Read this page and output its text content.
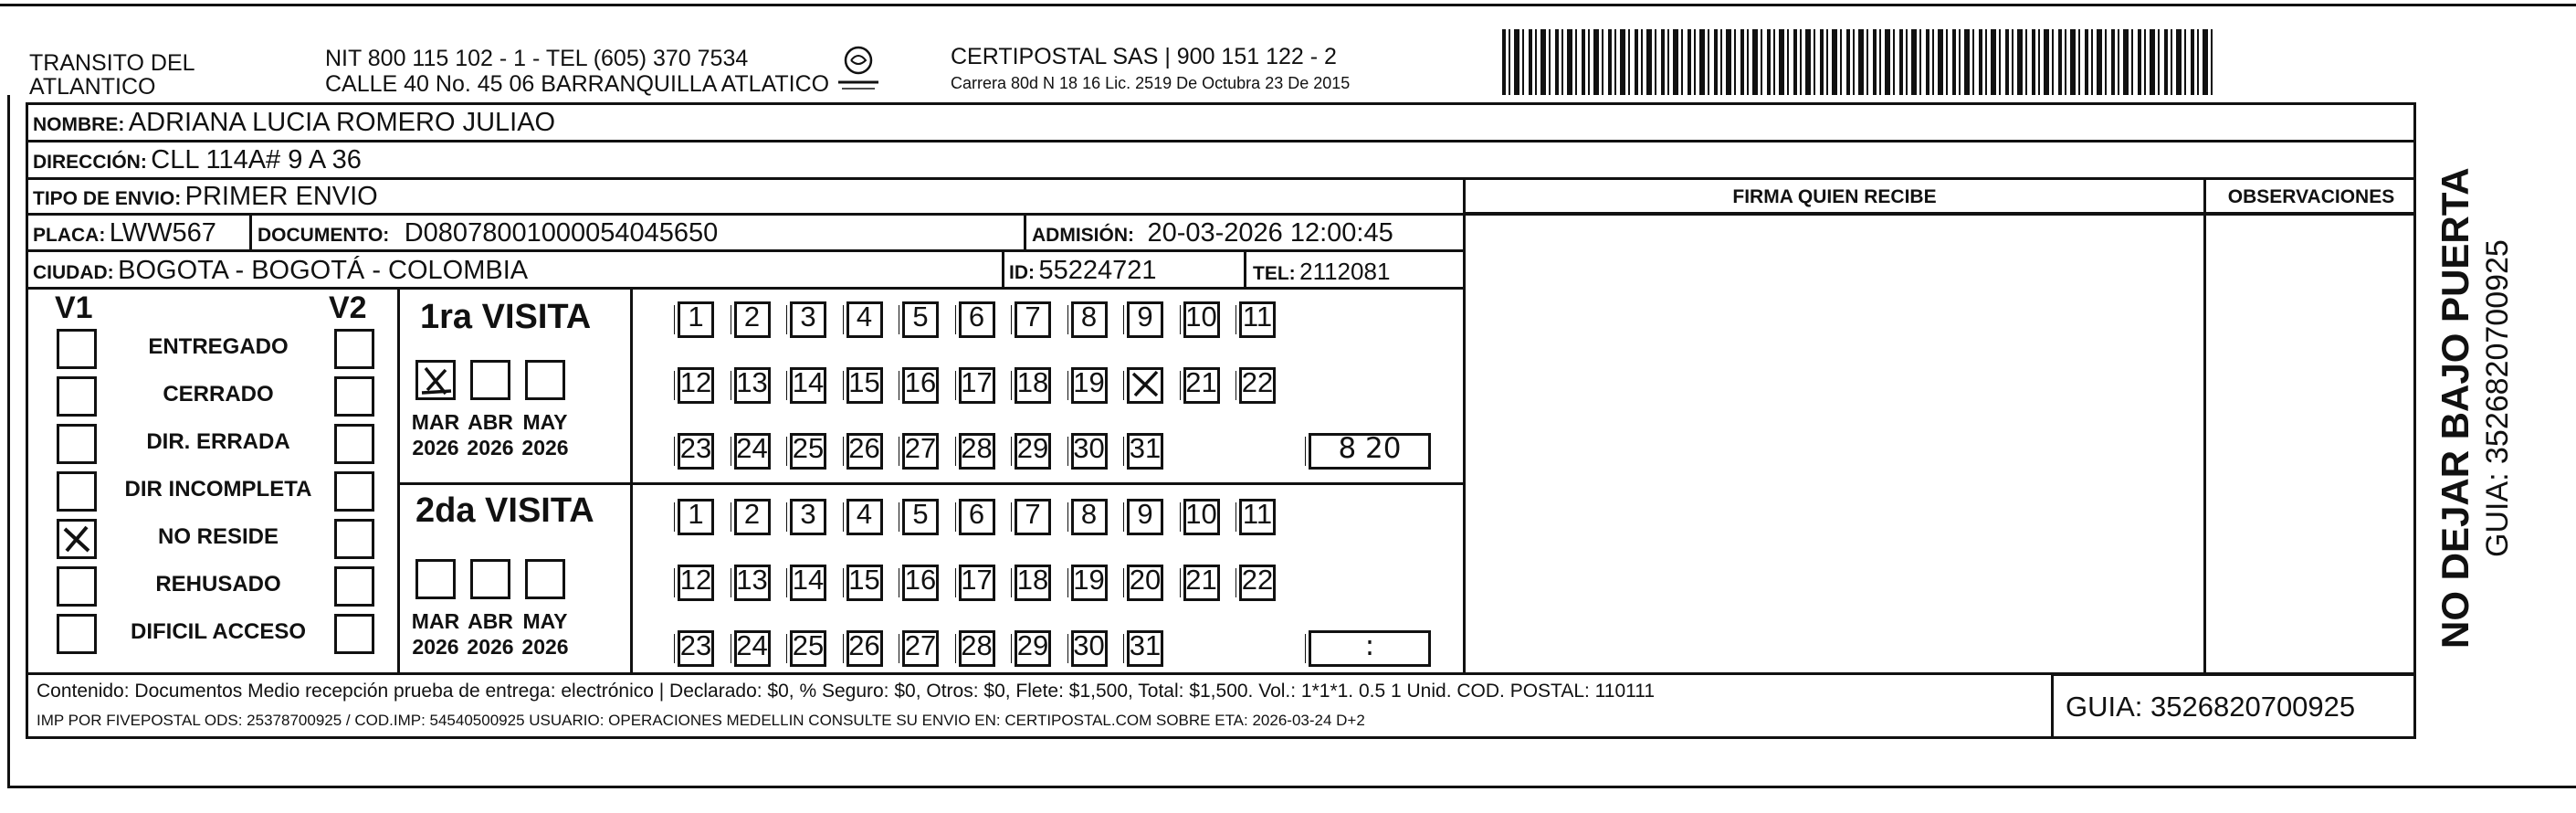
TRANSITO DEL
ATLANTICO
NIT 800 115 102 - 1 - TEL (605) 370 7534
CALLE 40 No. 45 06 BARRANQUILLA ATLATICO
CERTIPOSTAL SAS | 900 151 122 - 2
Carrera 80d N 18 16 Lic. 2519 De Octubra 23 De 2015
NOMBRE: ADRIANA LUCIA ROMERO JULIAO
DIRECCIÓN: CLL 114A# 9 A 36
TIPO DE ENVIO: PRIMER ENVIO	FIRMA QUIEN RECIBE	OBSERVACIONES
PLACA: LWW567 DOCUMENTO: D08078001000054045650	ADMISIÓN: 20-03-2026 12:00:45
CIUDAD: BOGOTA - BOGOTÁ - COLOMBIA	ID: 55224721	TEL: 2112081
V1	V2
ENTREGADO
CERRADO
DIR. ERRADA
DIR INCOMPLETA
NO RESIDE
REHUSADO
DIFICIL ACCESO
1ra VISITA
2da VISITA
MAR
2026
ABR
2026
MAY
2026
MAR
2026
ABR
2026
MAY
2026
1	2	3	4	5	6	7	8	9	10 11
12 13 14 15 16 17 18 19	21 22
23 24 25 26 27 28 29 30 31	8 20
1	2	3	4	5	6	7	8	9	10 11
12 13 14 15 16 17 18 19 20 21 22
23 24 25 26 27 28 29 30 31	:
Contenido: Documentos Medio recepción prueba de entrega: electrónico | Declarado: $0, % Seguro: $0, Otros: $0, Flete: $1,500, Total: $1,500. Vol.: 1*1*1. 0.5 1 Unid. COD. POSTAL: 110111
IMP POR FIVEPOSTAL ODS: 25378700925 / COD.IMP: 54540500925 USUARIO: OPERACIONES MEDELLIN CONSULTE SU ENVIO EN: CERTIPOSTAL.COM SOBRE ETA: 2026-03-24 D+2	GUIA: 3526820700925
NO DEJAR BAJO PUERTA GUIA: 3526820700925
